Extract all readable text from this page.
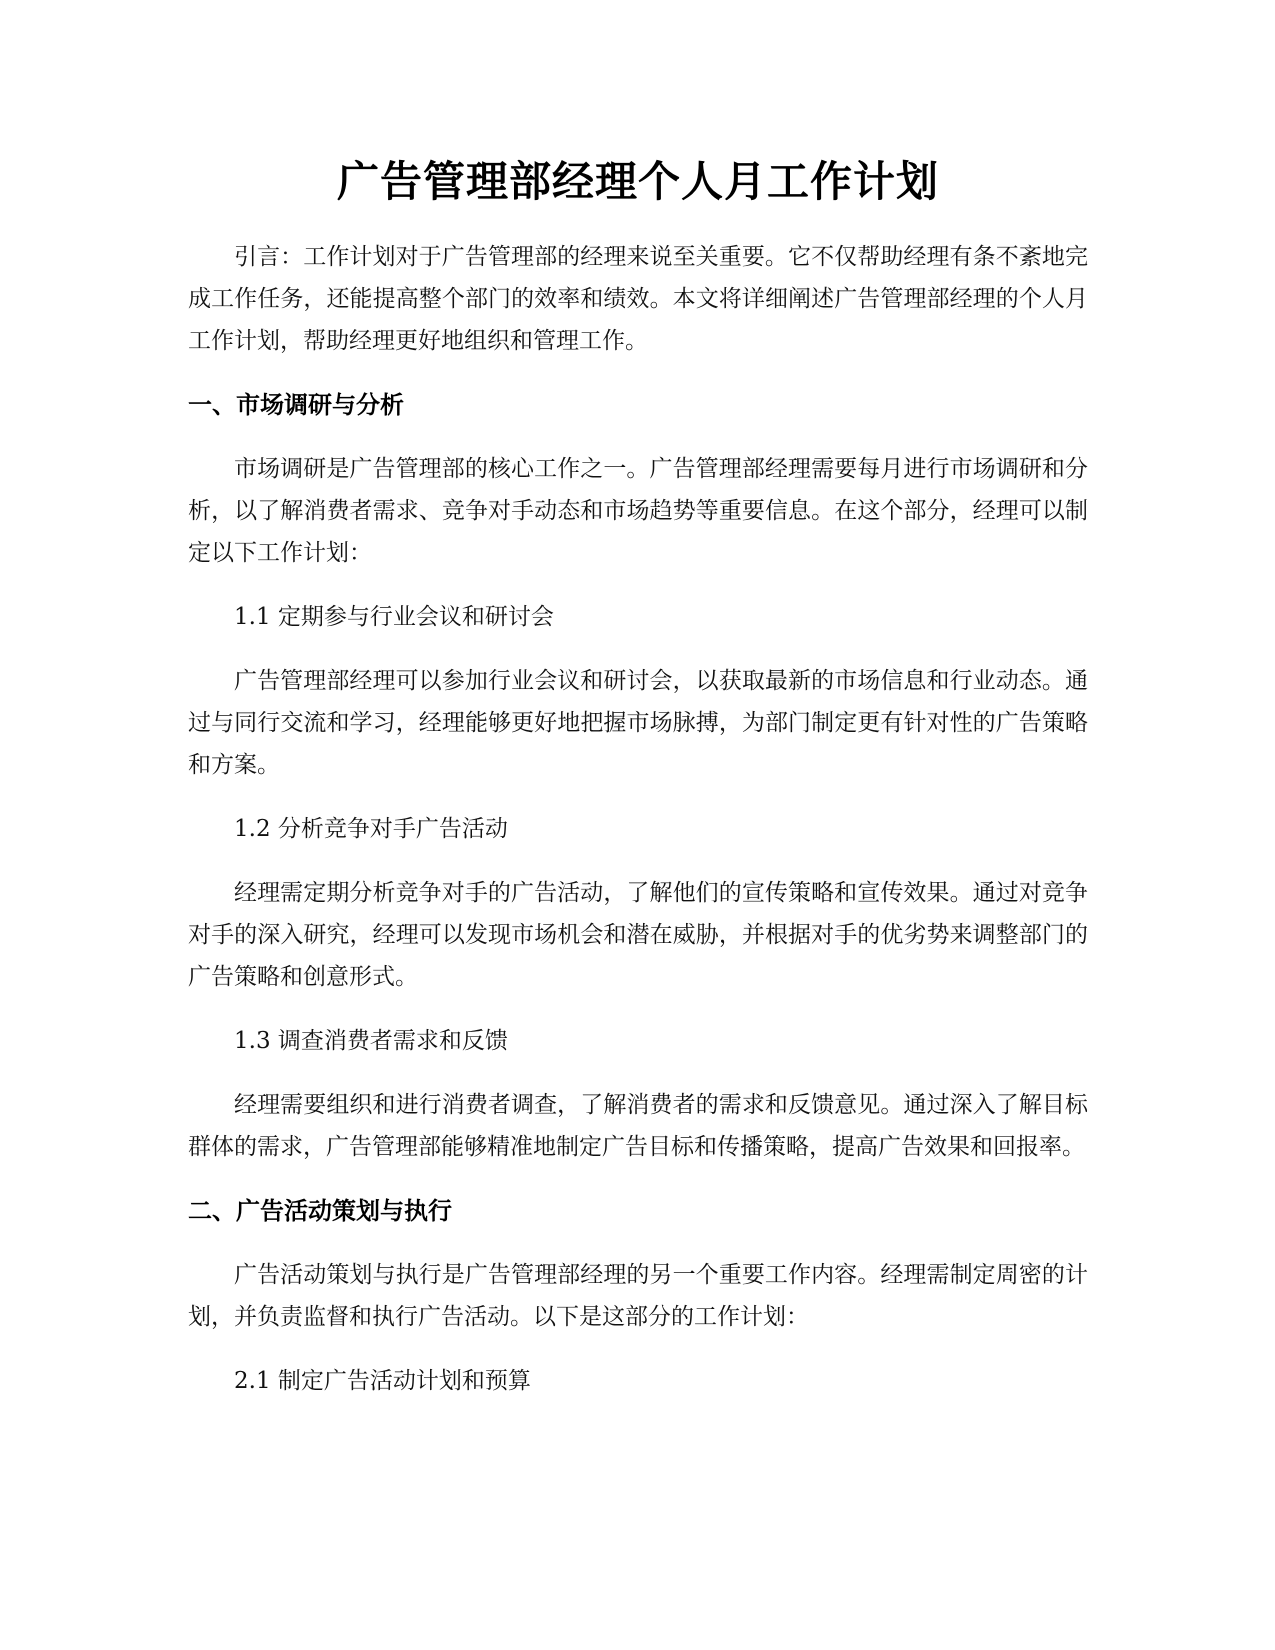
广告管理部经理个人月工作计划

引言：工作计划对于广告管理部的经理来说至关重要。它不仅帮助经理有条不紊地完成工作任务，还能提高整个部门的效率和绩效。本文将详细阐述广告管理部经理的个人月工作计划，帮助经理更好地组织和管理工作。

一、市场调研与分析

市场调研是广告管理部的核心工作之一。广告管理部经理需要每月进行市场调研和分析，以了解消费者需求、竞争对手动态和市场趋势等重要信息。在这个部分，经理可以制定以下工作计划：

1.1 定期参与行业会议和研讨会

广告管理部经理可以参加行业会议和研讨会，以获取最新的市场信息和行业动态。通过与同行交流和学习，经理能够更好地把握市场脉搏，为部门制定更有针对性的广告策略和方案。

1.2 分析竞争对手广告活动

经理需定期分析竞争对手的广告活动，了解他们的宣传策略和宣传效果。通过对竞争对手的深入研究，经理可以发现市场机会和潜在威胁，并根据对手的优劣势来调整部门的广告策略和创意形式。

1.3 调查消费者需求和反馈

经理需要组织和进行消费者调查，了解消费者的需求和反馈意见。通过深入了解目标群体的需求，广告管理部能够精准地制定广告目标和传播策略，提高广告效果和回报率。

二、广告活动策划与执行

广告活动策划与执行是广告管理部经理的另一个重要工作内容。经理需制定周密的计划，并负责监督和执行广告活动。以下是这部分的工作计划：

2.1 制定广告活动计划和预算
